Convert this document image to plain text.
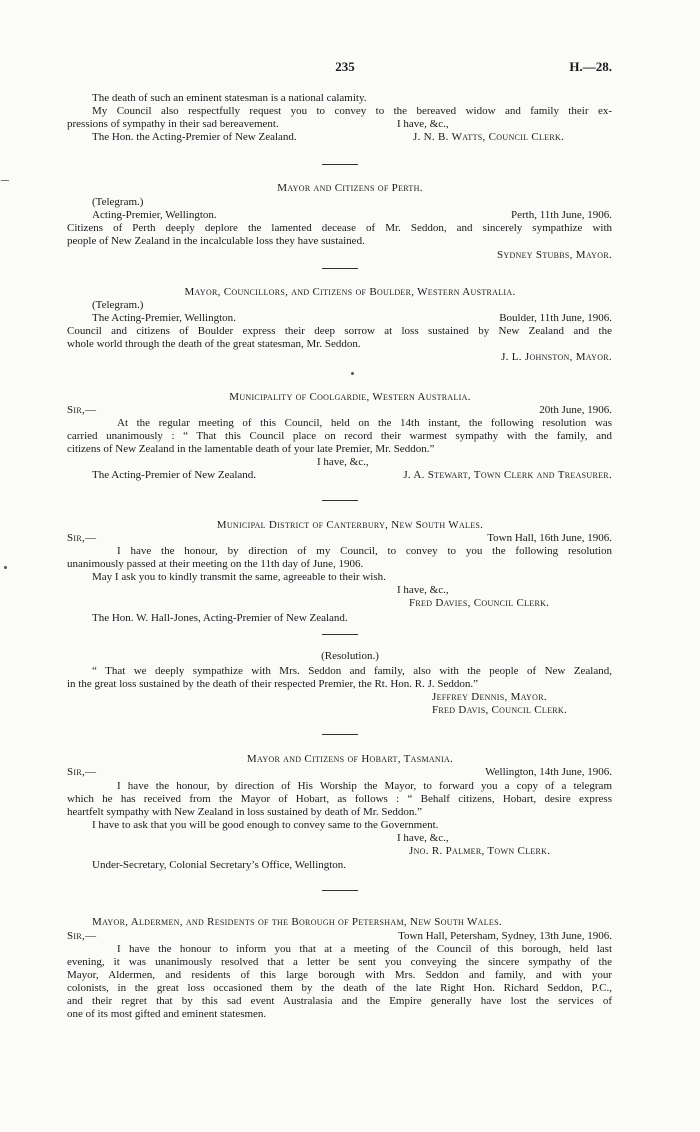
235	H.—28.
The death of such an eminent statesman is a national calamity.
My Council also respectfully request you to convey to the bereaved widow and family their ex-
pressions of sympathy in their sad bereavement.	I have, &c.,
The Hon. the Acting-Premier of New Zealand.	J. N. B. Watts, Council Clerk.
Mayor and Citizens of Perth.
(Telegram.)
Acting-Premier, Wellington.	Perth, 11th June, 1906.
Citizens of Perth deeply deplore the lamented decease of Mr. Seddon, and sincerely sympathize with
people of New Zealand in the incalculable loss they have sustained.
Sydney Stubbs, Mayor.
Mayor, Councillors, and Citizens of Boulder, Western Australia.
(Telegram.)
The Acting-Premier, Wellington.	Boulder, 11th June, 1906.
Council and citizens of Boulder express their deep sorrow at loss sustained by New Zealand and the
whole world through the death of the great statesman, Mr. Seddon.
J. L. Johnston, Mayor.
Municipality of Coolgardie, Western Australia.
Sir,—	20th June, 1906.
At the regular meeting of this Council, held on the 14th instant, the following resolution was
carried unanimously : “ That this Council place on record their warmest sympathy with the family, and
citizens of New Zealand in the lamentable death of your late Premier, Mr. Seddon.”
I have, &c.,
The Acting-Premier of New Zealand.	J. A. Stewart, Town Clerk and Treasurer.
Municipal District of Canterbury, New South Wales.
Sir,—	Town Hall, 16th June, 1906.
I have the honour, by direction of my Council, to convey to you the following resolution
unanimously passed at their meeting on the 11th day of June, 1906.
May I ask you to kindly transmit the same, agreeable to their wish.
I have, &c.,
Fred Davies, Council Clerk.
The Hon. W. Hall-Jones, Acting-Premier of New Zealand.
(Resolution.)
“ That we deeply sympathize with Mrs. Seddon and family, also with the people of New Zealand,
in the great loss sustained by the death of their respected Premier, the Rt. Hon. R. J. Seddon.”
Jeffrey Dennis, Mayor.
Fred Davis, Council Clerk.
Mayor and Citizens of Hobart, Tasmania.
Sir,—	Wellington, 14th June, 1906.
I have the honour, by direction of His Worship the Mayor, to forward you a copy of a telegram
which he has received from the Mayor of Hobart, as follows : “ Behalf citizens, Hobart, desire express
heartfelt sympathy with New Zealand in loss sustained by death of Mr. Seddon.”
I have to ask that you will be good enough to convey same to the Government.
I have, &c.,
Jno. R. Palmer, Town Clerk.
Under-Secretary, Colonial Secretary’s Office, Wellington.
Mayor, Aldermen, and Residents of the Borough of Petersham, New South Wales.
Sir,—	Town Hall, Petersham, Sydney, 13th June, 1906.
I have the honour to inform you that at a meeting of the Council of this borough, held last
evening, it was unanimously resolved that a letter be sent you conveying the sincere sympathy of the
Mayor, Aldermen, and residents of this large borough with Mrs. Seddon and family, and with your
colonists, in the great loss occasioned them by the death of the late Right Hon. Richard Seddon, P.C.,
and their regret that by this sad event Australasia and the Empire generally have lost the services of
one of its most gifted and eminent statesmen.
